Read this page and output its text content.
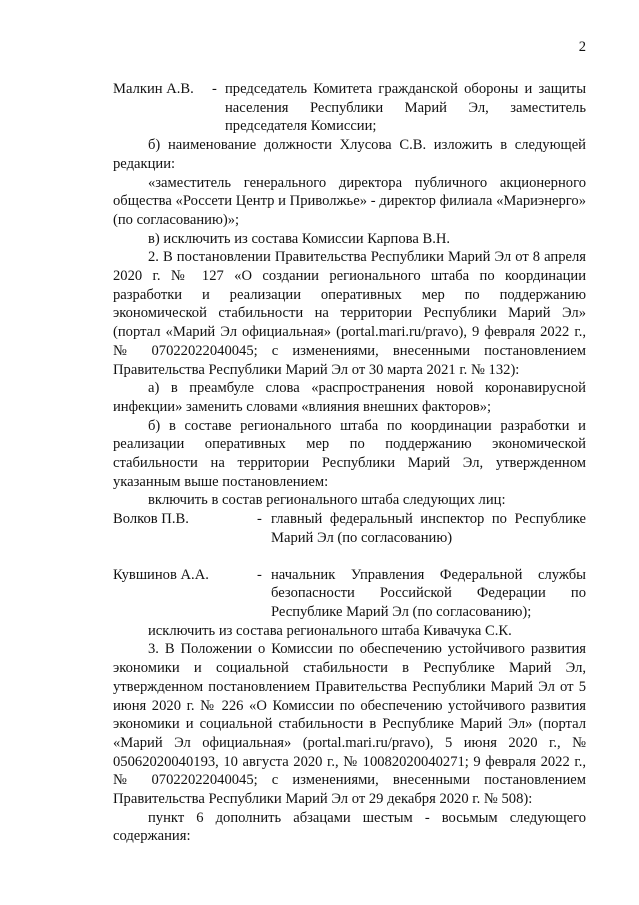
2
Малкин А.В.	- председатель Комитета гражданской обороны и защиты населения Республики Марий Эл, заместитель председателя Комиссии;

б) наименование должности Хлусова С.В. изложить в следующей редакции:

«заместитель генерального директора публичного акционерного общества «Россети Центр и Приволжье» - директор филиала «Мариэнерго» (по согласованию)»;

в) исключить из состава Комиссии Карпова В.Н.

2. В постановлении Правительства Республики Марий Эл от 8 апреля 2020 г. № 127 «О создании регионального штаба по координации разработки и реализации оперативных мер по поддержанию экономической стабильности на территории Республики Марий Эл» (портал «Марий Эл официальная» (portal.mari.ru/pravo), 9 февраля 2022 г., № 07022022040045; с изменениями, внесенными постановлением Правительства Республики Марий Эл от 30 марта 2021 г. № 132):

а) в преамбуле слова «распространения новой коронавирусной инфекции» заменить словами «влияния внешних факторов»;

б) в составе регионального штаба по координации разработки и реализации оперативных мер по поддержанию экономической стабильности на территории Республики Марий Эл, утвержденном указанным выше постановлением:

включить в состав регионального штаба следующих лиц:

Волков П.В.	- главный федеральный инспектор по Республике Марий Эл (по согласованию)
Кувшинов А.А.	- начальник Управления Федеральной службы безопасности Российской Федерации по Республике Марий Эл (по согласованию);

исключить из состава регионального штаба Кивачука С.К.

3. В Положении о Комиссии по обеспечению устойчивого развития экономики и социальной стабильности в Республике Марий Эл, утвержденном постановлением Правительства Республики Марий Эл от 5 июня 2020 г. № 226 «О Комиссии по обеспечению устойчивого развития экономики и социальной стабильности в Республике Марий Эл» (портал «Марий Эл официальная» (portal.mari.ru/pravo), 5 июня 2020 г., № 05062020040193, 10 августа 2020 г., № 10082020040271; 9 февраля 2022 г., № 07022022040045; с изменениями, внесенными постановлением Правительства Республики Марий Эл от 29 декабря 2020 г. № 508):

пункт 6 дополнить абзацами шестым - восьмым следующего содержания:
